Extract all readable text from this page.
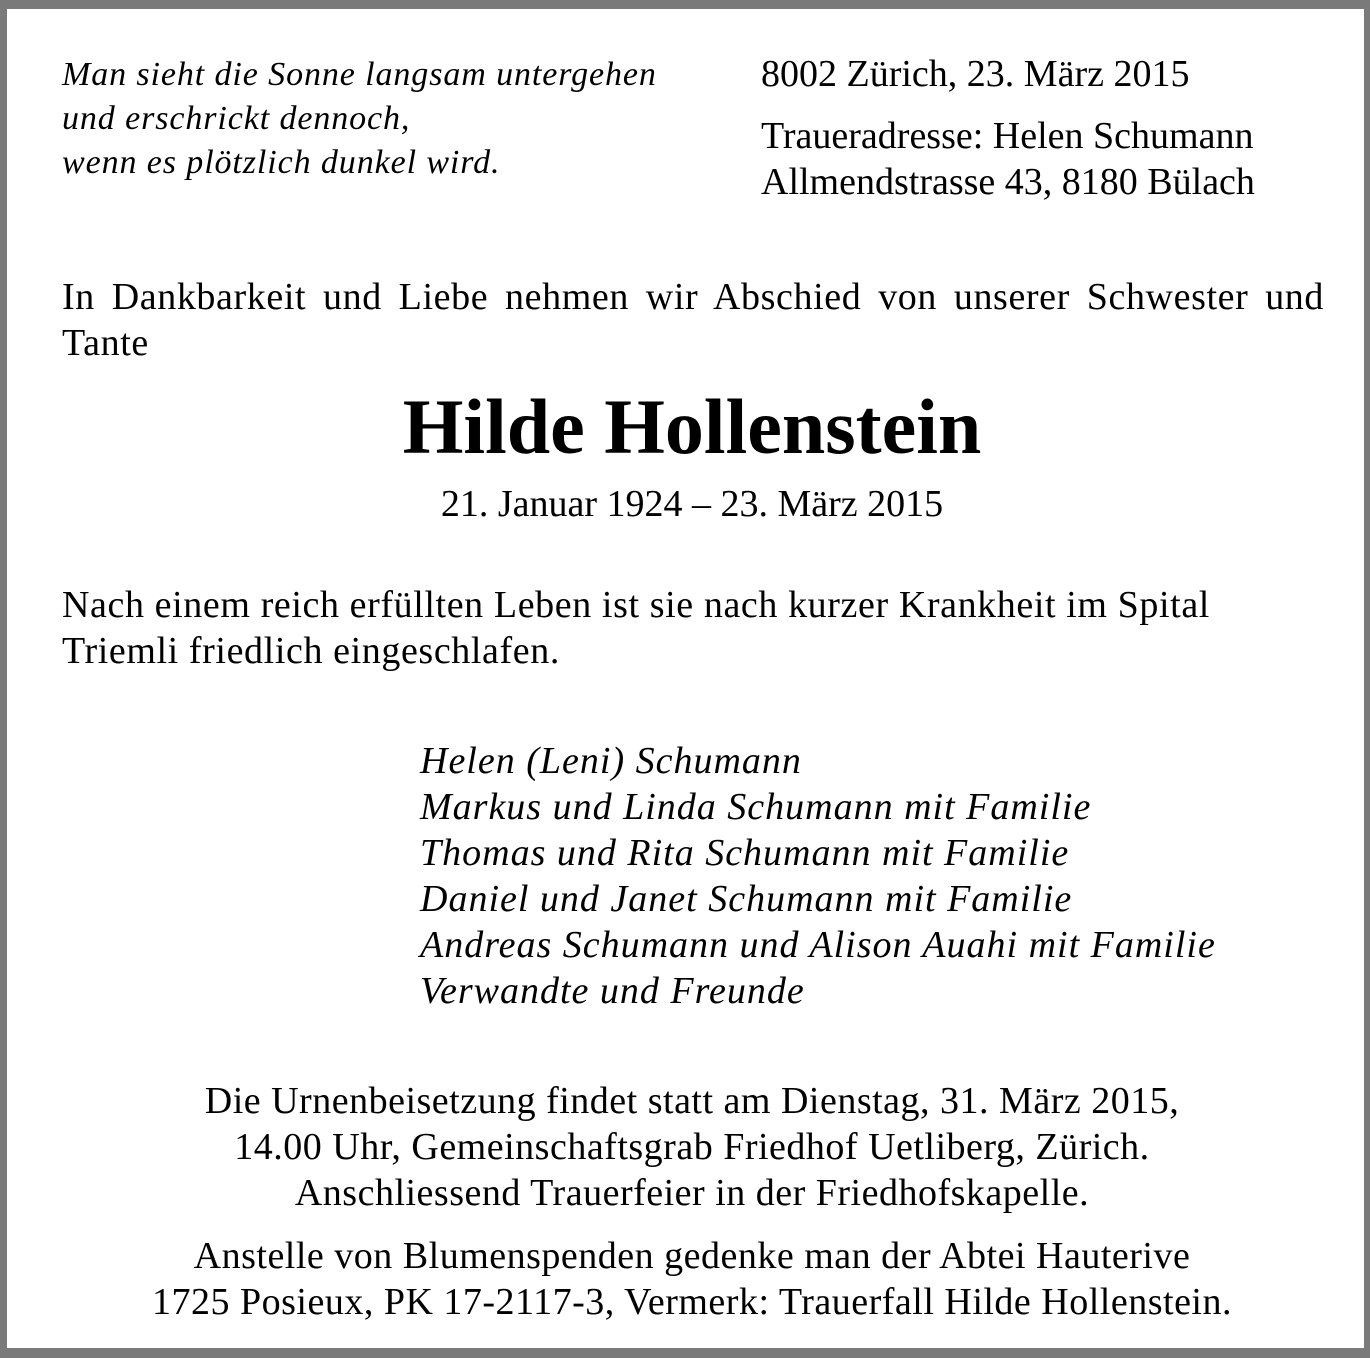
Man sieht die Sonne langsam untergehen
und erschrickt dennoch,
wenn es plötzlich dunkel wird.
8002 Zürich, 23. März 2015
Traueradresse: Helen Schumann
Allmendstrasse 43, 8180 Bülach
In Dankbarkeit und Liebe nehmen wir Abschied von unserer Schwester und Tante
Hilde Hollenstein
21. Januar 1924 – 23. März 2015
Nach einem reich erfüllten Leben ist sie nach kurzer Krankheit im Spital Triemli friedlich eingeschlafen.
Helen (Leni) Schumann
Markus und Linda Schumann mit Familie
Thomas und Rita Schumann mit Familie
Daniel und Janet Schumann mit Familie
Andreas Schumann und Alison Auahi mit Familie
Verwandte und Freunde
Die Urnenbeisetzung findet statt am Dienstag, 31. März 2015,
14.00 Uhr, Gemeinschaftsgrab Friedhof Uetliberg, Zürich.
Anschliessend Trauerfeier in der Friedhofskapelle.
Anstelle von Blumenspenden gedenke man der Abtei Hauterive
1725 Posieux, PK 17-2117-3, Vermerk: Trauerfall Hilde Hollenstein.
